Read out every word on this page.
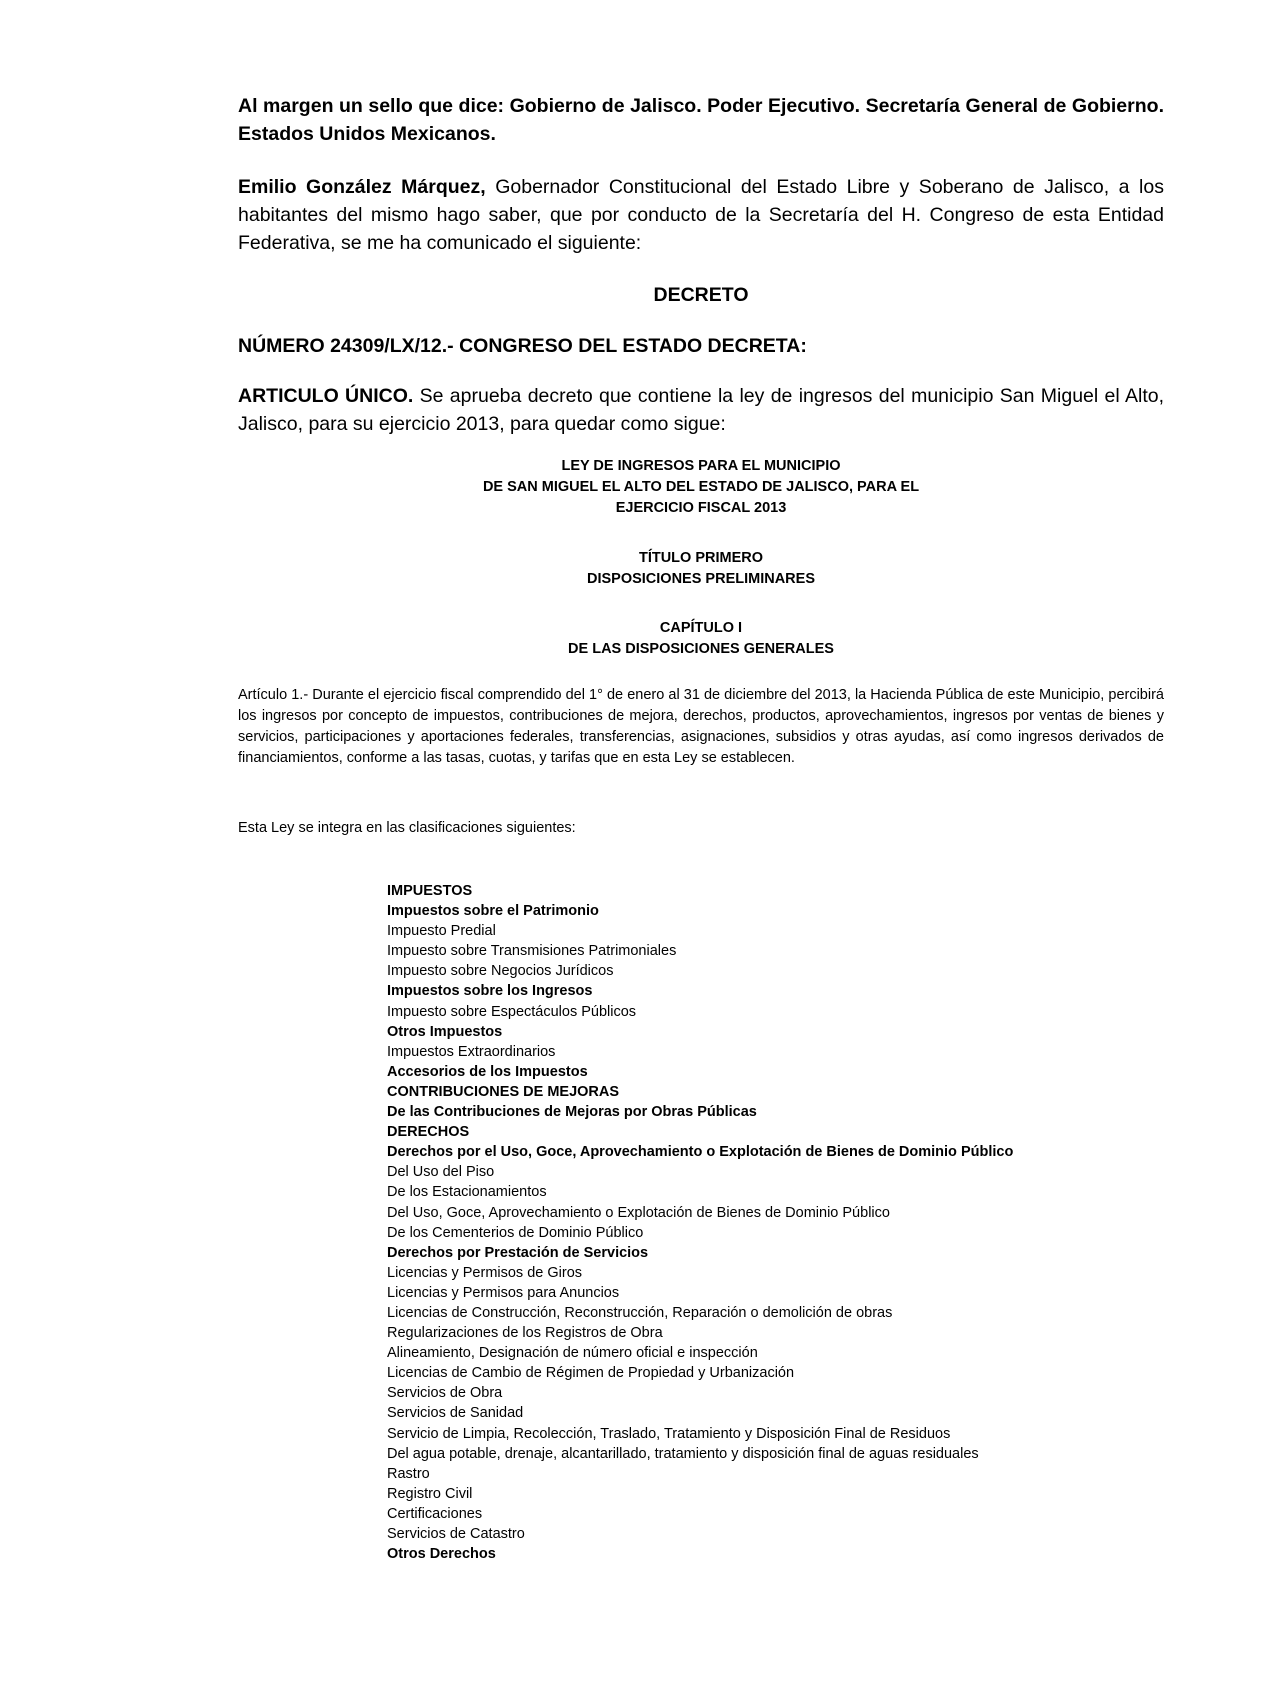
Al margen un sello que dice: Gobierno de Jalisco. Poder Ejecutivo. Secretaría General de Gobierno. Estados Unidos Mexicanos.
Emilio González Márquez, Gobernador Constitucional del Estado Libre y Soberano de Jalisco, a los habitantes del mismo hago saber, que por conducto de la Secretaría del H. Congreso de esta Entidad Federativa, se me ha comunicado el siguiente:
DECRETO
NÚMERO 24309/LX/12.- CONGRESO DEL ESTADO DECRETA:
ARTICULO ÚNICO. Se aprueba decreto que contiene la ley de ingresos del municipio San Miguel el Alto, Jalisco, para su ejercicio 2013, para quedar como sigue:
LEY DE INGRESOS PARA EL MUNICIPIO
DE SAN MIGUEL EL ALTO DEL ESTADO DE JALISCO, PARA EL
EJERCICIO FISCAL 2013
TÍTULO PRIMERO
DISPOSICIONES PRELIMINARES
CAPÍTULO I
DE LAS DISPOSICIONES GENERALES
Artículo 1.- Durante el ejercicio fiscal comprendido del 1° de enero al 31 de diciembre del 2013, la Hacienda Pública de este Municipio, percibirá los ingresos por concepto de impuestos, contribuciones de mejora, derechos, productos, aprovechamientos, ingresos por ventas de bienes y servicios, participaciones y aportaciones federales, transferencias, asignaciones, subsidios y otras ayudas, así como ingresos derivados de financiamientos, conforme a las tasas, cuotas, y tarifas que en esta Ley se establecen.
Esta Ley se integra en las clasificaciones siguientes:
IMPUESTOS
Impuestos sobre el Patrimonio
Impuesto Predial
Impuesto sobre Transmisiones Patrimoniales
Impuesto sobre Negocios Jurídicos
Impuestos sobre los Ingresos
Impuesto sobre Espectáculos Públicos
Otros Impuestos
Impuestos Extraordinarios
Accesorios de los Impuestos
CONTRIBUCIONES DE MEJORAS
De las Contribuciones de Mejoras por Obras Públicas
DERECHOS
Derechos por el Uso, Goce, Aprovechamiento o Explotación de Bienes de Dominio Público
Del Uso del Piso
De los Estacionamientos
Del Uso, Goce, Aprovechamiento o Explotación de Bienes de Dominio Público
De los Cementerios de Dominio Público
Derechos por Prestación de Servicios
Licencias y Permisos de Giros
Licencias y Permisos para Anuncios
Licencias de Construcción, Reconstrucción, Reparación o demolición de obras
Regularizaciones de los Registros de Obra
Alineamiento, Designación de número oficial e inspección
Licencias de Cambio de Régimen de Propiedad y Urbanización
Servicios de Obra
Servicios de Sanidad
Servicio de Limpia, Recolección, Traslado, Tratamiento y Disposición Final de Residuos
Del agua potable, drenaje, alcantarillado, tratamiento y disposición final de aguas residuales
Rastro
Registro Civil
Certificaciones
Servicios de Catastro
Otros Derechos
